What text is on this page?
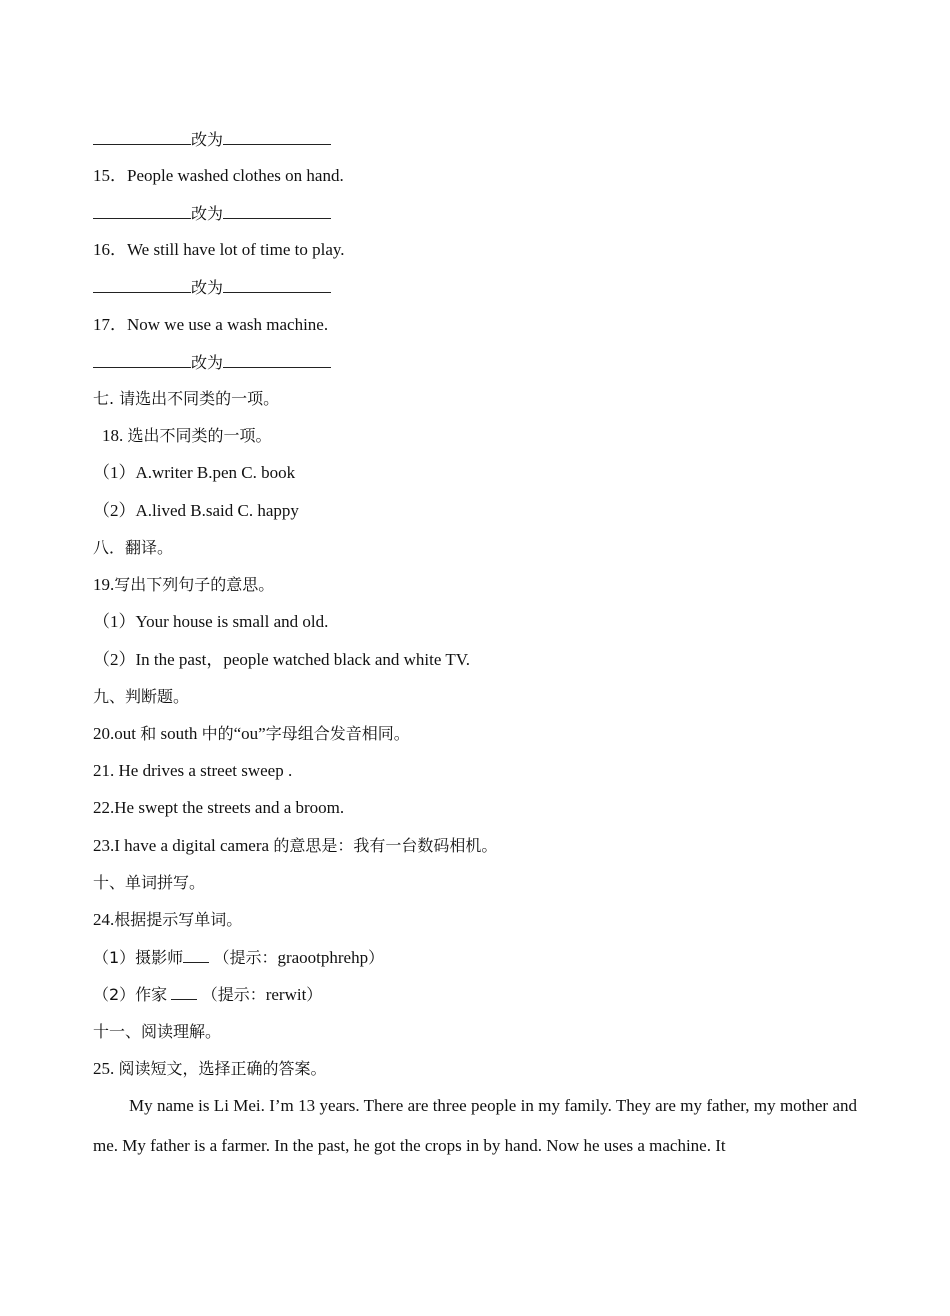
改为
15．People washed clothes on hand.
改为
16．We still have lot of time to play.
改为
17．Now we use a wash machine.
改为
七. 请选出不同类的一项。
18. 选出不同类的一项。
（1）A.writer B.pen C. book
（2）A.lived B.said C. happy
八．翻译。
19.写出下列句子的意思。
（1）Your house is small and old.
（2）In the past，people watched black and white TV.
九、判断题。
20.out 和 south 中的“ou”字母组合发音相同。
21. He drives a street sweep .
22.He swept the streets and a broom.
23.I have a digital camera 的意思是：我有一台数码相机。
十、单词拼写。
24.根据提示写单词。
（1）摄影师 （提示：graootphrehp）
（2）作家 （提示：rerwit）
十一、阅读理解。
25. 阅读短文，选择正确的答案。
My name is Li Mei. I’m 13 years. There are three people in my family. They are my father, my mother and me. My father is a farmer. In the past, he got the crops in by hand. Now he uses a machine. It
